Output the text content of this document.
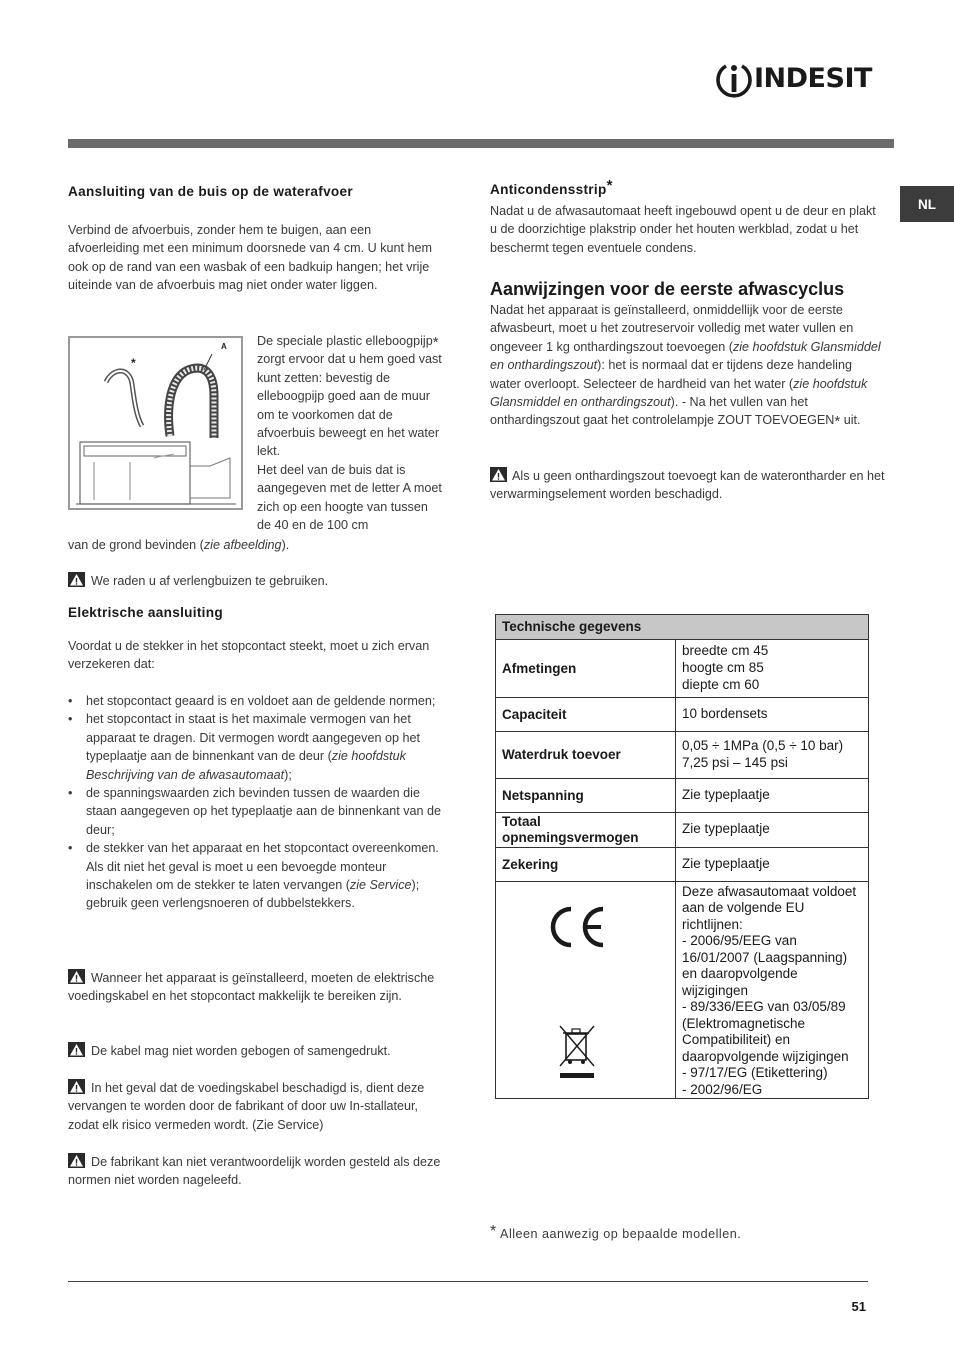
INDESIT
NL
Aansluiting van de buis op de waterafvoer

Verbind de afvoerbuis, zonder hem te buigen, aan een afvoerleiding met een minimum doorsnede van 4 cm. U kunt hem ook op de rand van een wasbak of een badkuip hangen; het vrije uiteinde van de afvoerbuis mag niet onder water liggen.

A
*

De speciale plastic elleboogpijp* zorgt ervoor dat u hem goed vast kunt zetten: bevestig de elleboogpijp goed aan de muur om te voorkomen dat de afvoerbuis beweegt en het water lekt.
Het deel van de buis dat is aangegeven met de letter A moet zich op een hoogte van tussen de 40 en de 100 cm

van de grond bevinden (zie afbeelding).

We raden u af verlengbuizen te gebruiken.

Elektrische aansluiting

Voordat u de stekker in het stopcontact steekt, moet u zich ervan verzekeren dat:

• het stopcontact geaard is en voldoet aan de geldende normen;
• het stopcontact in staat is het maximale vermogen van het apparaat te dragen. Dit vermogen wordt aangegeven op het typeplaatje aan de binnenkant van de deur (zie hoofdstuk Beschrijving van de afwasautomaat);
• de spanningswaarden zich bevinden tussen de waarden die staan aangegeven op het typeplaatje aan de binnenkant van de deur;
• de stekker van het apparaat en het stopcontact overeenkomen. Als dit niet het geval is moet u een bevoegde monteur inschakelen om de stekker te laten vervangen (zie Service); gebruik geen verlengsnoeren of dubbelstekkers.

Wanneer het apparaat is geïnstalleerd, moeten de elektrische voedingskabel en het stopcontact makkelijk te bereiken zijn.

De kabel mag niet worden gebogen of samengedrukt.

In het geval dat de voedingskabel beschadigd is, dient deze vervangen te worden door de fabrikant of door uw In-stallateur, zodat elk risico vermeden wordt. (Zie Service)

De fabrikant kan niet verantwoordelijk worden gesteld als deze normen niet worden nageleefd.

Anticondensstrip*

Nadat u de afwasautomaat heeft ingebouwd opent u de deur en plakt u de doorzichtige plakstrip onder het houten werkblad, zodat u het beschermt tegen eventuele condens.

Aanwijzingen voor de eerste afwascyclus

Nadat het apparaat is geïnstalleerd, onmiddellijk voor de eerste afwasbeurt, moet u het zoutreservoir volledig met water vullen en ongeveer 1 kg onthardingszout toevoegen (zie hoofdstuk Glansmiddel en onthardingszout): het is normaal dat er tijdens deze handeling water overloopt. Selecteer de hardheid van het water (zie hoofdstuk Glansmiddel en onthardingszout). - Na het vullen van het onthardingszout gaat het controlelampje ZOUT TOEVOEGEN* uit.

Als u geen onthardingszout toevoegt kan de waterontharder en het verwarmingselement worden beschadigd.

Technische gegevens
Afmetingen	breedte cm 45
hoogte cm 85
diepte cm 60
Capaciteit	10 bordensets
Waterdruk toevoer	0,05 ÷ 1MPa (0,5 ÷ 10 bar)
7,25 psi – 145 psi
Netspanning	Zie typeplaatje
Totaal opnemingsvermogen	Zie typeplaatje
Zekering	Zie typeplaatje

	Deze afwasautomaat voldoet aan de volgende EU richtlijnen:
- 2006/95/EEG van 16/01/2007 (Laagspanning) en daaropvolgende wijzigingen
- 89/336/EEG van 03/05/89 (Elektromagnetische Compatibiliteit) en daaropvolgende wijzigingen
- 97/17/EG (Etikettering)
- 2002/96/EG

* Alleen aanwezig op bepaalde modellen.

51
